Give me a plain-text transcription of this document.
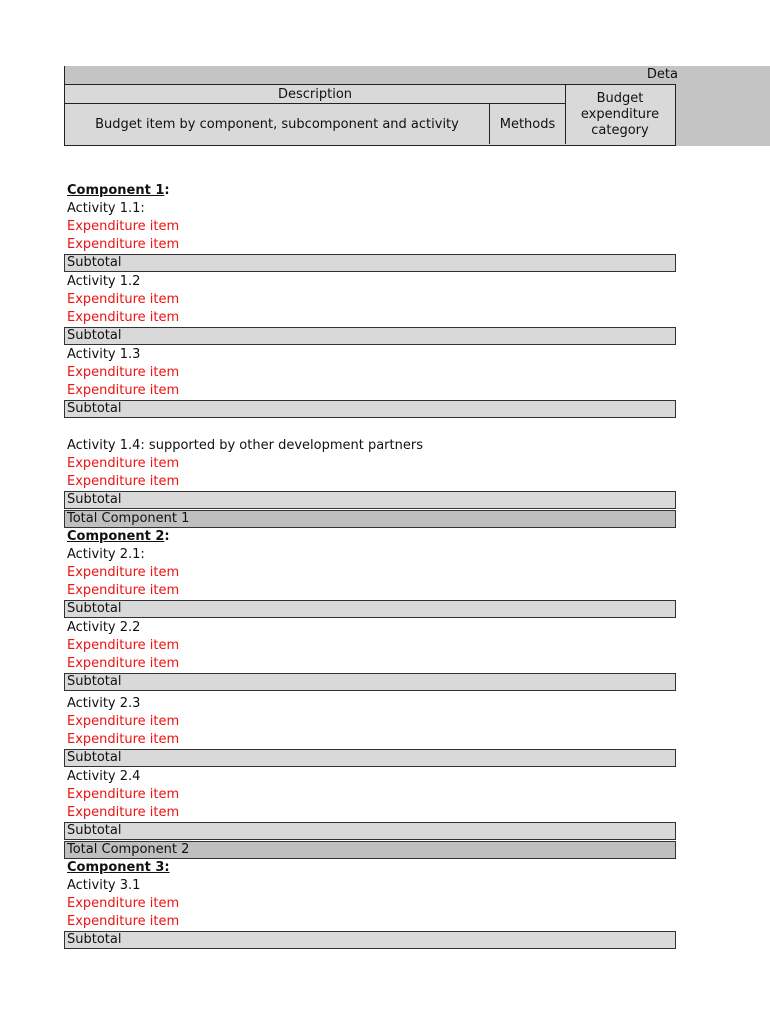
Deta
Description
Budget item by component, subcomponent and activity	Methods
Budget
expenditure
category
Component 1:
Activity 1.1:
Expenditure item
Expenditure item
Subtotal
Activity 1.2
Expenditure item
Expenditure item
Subtotal
Activity 1.3
Expenditure item
Expenditure item
Subtotal
Activity 1.4: supported by other development partners
Expenditure item
Expenditure item
Subtotal
Total Component 1
Component 2:
Activity 2.1:
Expenditure item
Expenditure item
Subtotal
Activity 2.2
Expenditure item
Expenditure item
Subtotal
Activity 2.3
Expenditure item
Expenditure item
Subtotal
Activity 2.4
Expenditure item
Expenditure item
Subtotal
Total Component 2
Component 3:
Activity 3.1
Expenditure item
Expenditure item
Subtotal
